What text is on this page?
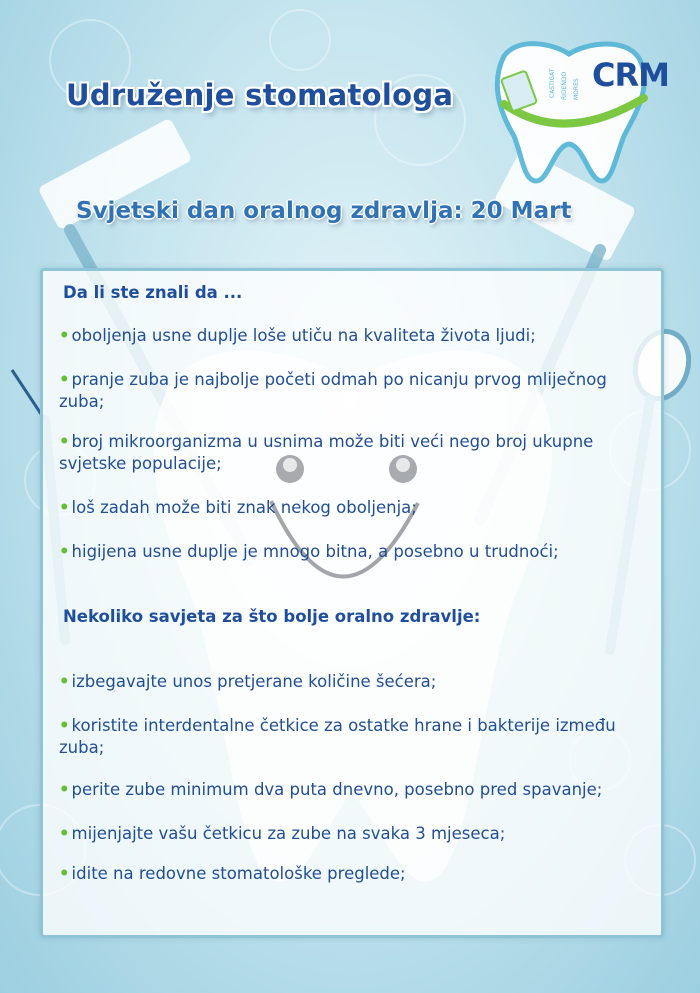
Udruženje stomatologa	CASTIGAT RIDENDO MORES CRM
Svjetski dan oralnog zdravlja: 20 Mart
Da li ste znali da ...
• oboljenja usne duplje loše utiču na kvaliteta života ljudi;
• pranje zuba je najbolje početi odmah po nicanju prvog mliječnog zuba;
• broj mikroorganizma u usnima može biti veći nego broj ukupne svjetske populacije;
• loš zadah može biti znak nekog oboljenja;
• higijena usne duplje je mnogo bitna, a posebno u trudnoći;
Nekoliko savjeta za što bolje oralno zdravlje:
• izbegavajte unos pretjerane količine šećera;
• koristite interdentalne četkice za ostatke hrane i bakterije između zuba;
• perite zube minimum dva puta dnevno, posebno pred spavanje;
• mijenjajte vašu četkicu za zube na svaka 3 mjeseca;
• idite na redovne stomatološke preglede;
